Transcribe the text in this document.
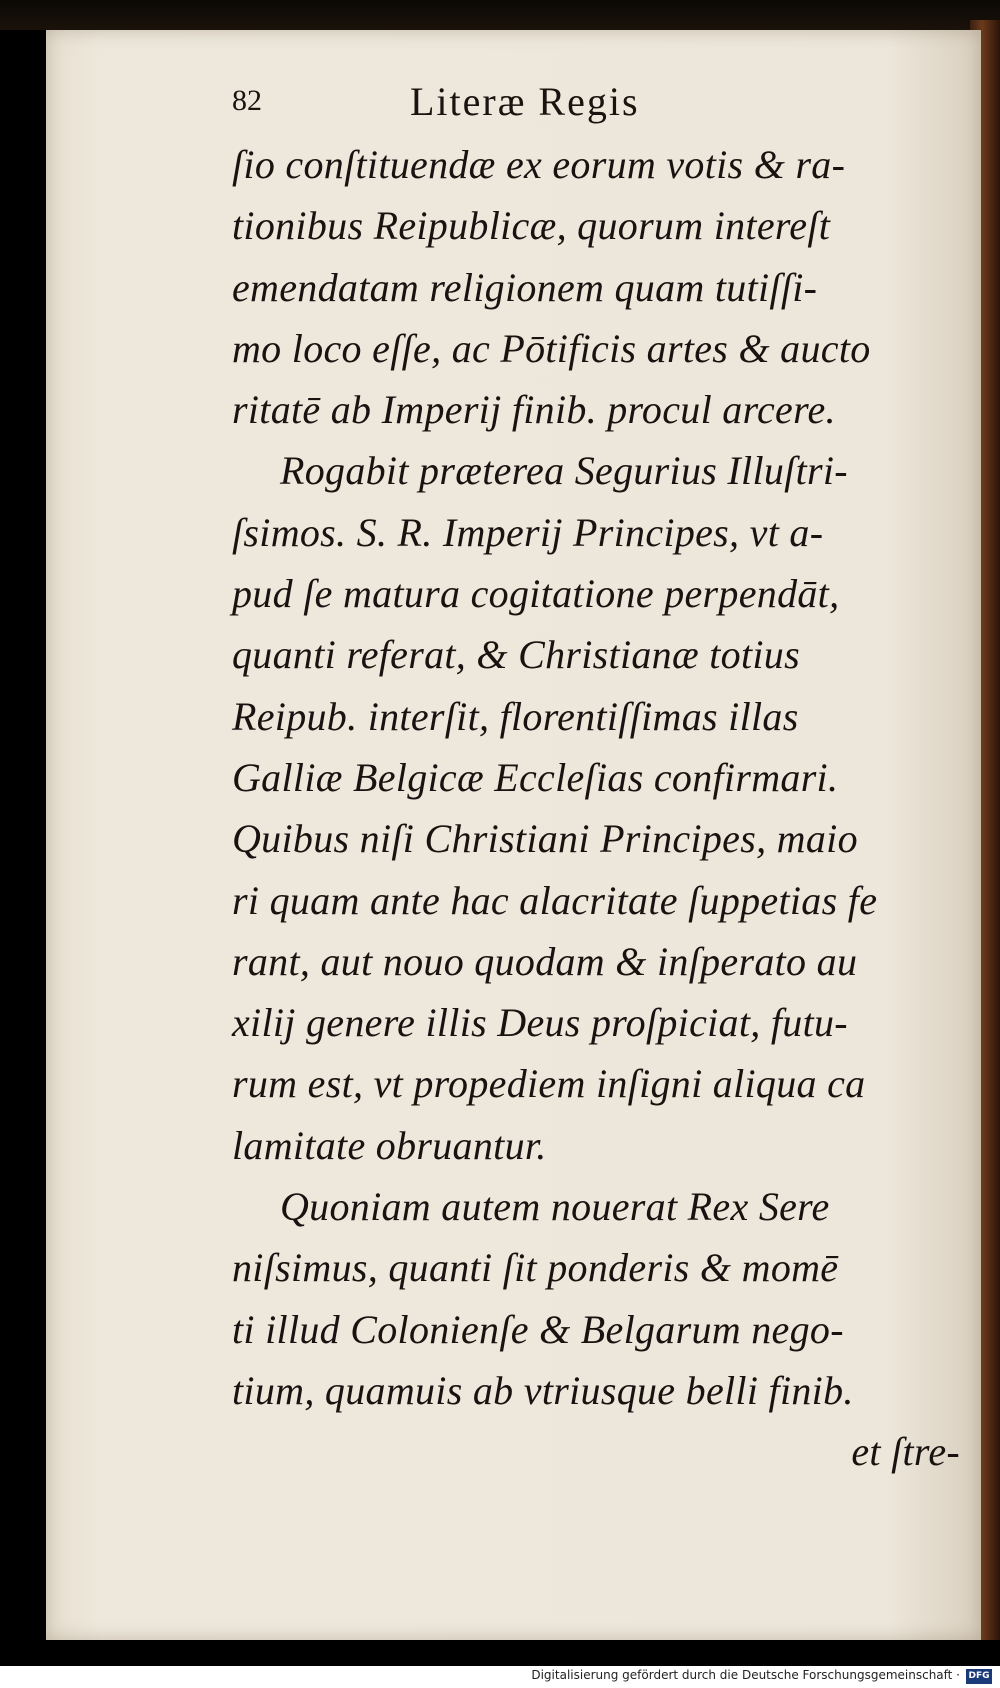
82	Literæ Regis
ſio conſtituendæ ex eorum votis & ra-
tionibus Reipublicæ, quorum intereſt
emendatam religionem quam tutiſſi-
mo loco eſſe, ac Pōtificis artes & aucto
ritatē ab Imperij finib. procul arcere.
Rogabit præterea Segurius Illuſtri-
ſsimos. S. R. Imperij Principes, vt a-
pud ſe matura cogitatione perpendāt,
quanti referat, & Christianæ totius
Reipub. interſit, florentiſſimas illas
Galliæ Belgicæ Eccleſias confirmari.
Quibus niſi Christiani Principes, maio
ri quam ante hac alacritate ſuppetias fe
rant, aut nouo quodam & inſperato au
xilij genere illis Deus proſpiciat, futu-
rum est, vt propediem inſigni aliqua ca
lamitate obruantur.
Quoniam autem nouerat Rex Sere
niſsimus, quanti ſit ponderis & momē
ti illud Colonienſe & Belgarum nego-
tium, quamuis ab vtriusque belli finib.
et ſtre-
Digitalisierung gefördert durch die Deutsche Forschungsgemeinschaft · DFG
